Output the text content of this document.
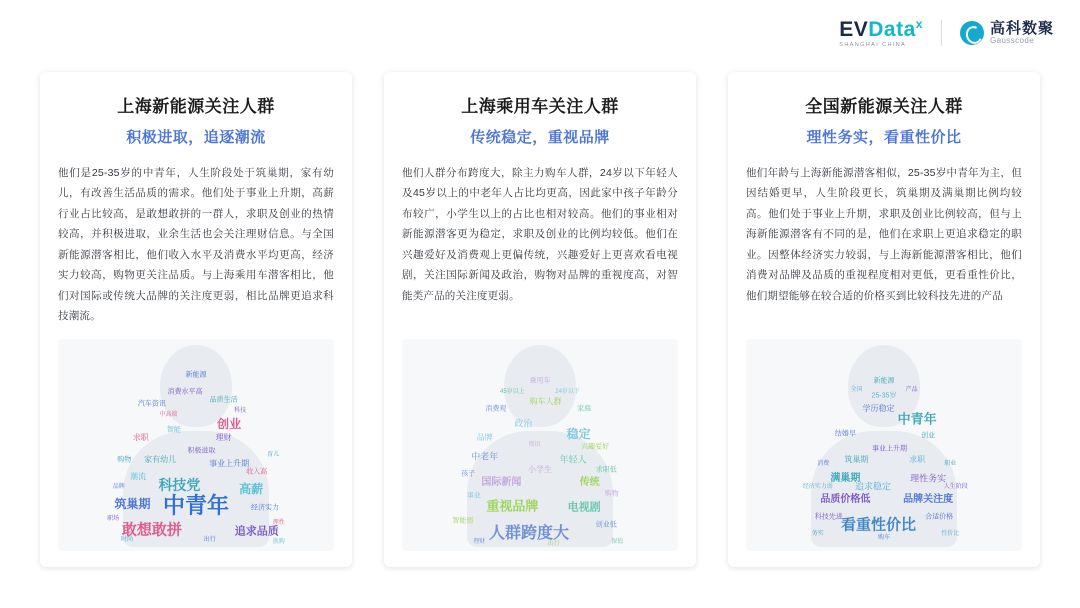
EVData$^x$
SHANGHAI CHINA
高科数聚
Gausscode
上海新能源关注人群
积极进取，追逐潮流
他们是25-35岁的中青年，人生阶段处于筑巢期，家有幼儿，有改善生活品质的需求。他们处于事业上升期，高薪行业占比较高，是敢想敢拼的一群人，求职及创业的热情较高，并积极进取，业余生活也会关注理财信息。与全国新能源潜客相比，他们收入水平及消费水平均更高，经济实力较高，购物更关注品质。与上海乘用车潜客相比，他们对国际或传统大品牌的关注度更弱，相比品牌更追求科技潮流。
中青年
敢想敢拼	追求品质
科技党
筑巢期
高薪
创业
理财
家有幼儿	事业上升期
求职
消费水平高
汽车资讯
品质生活
潮流	收入高
新能源
积极进取
购物
经济实力
智能
中高端
科技
品牌
育儿
职场
理性
出行
时尚	换购
上海乘用车关注人群
传统稳定，重视品牌
他们人群分布跨度大，除主力购车人群，24岁以下年轻人及45岁以上的中老年人占比均更高，因此家中孩子年龄分布较广，小学生以上的占比也相对较高。他们的事业相对新能源潜客更为稳定，求职及创业的比例均较低。他们在兴趣爱好及消费观上更偏传统，兴趣爱好上更喜欢看电视剧，关注国际新闻及政治，购物对品牌的重视度高，对智能类产品的关注度更弱。
人群跨度大
重视品牌	电视剧
稳定
国际新闻	传统
中老年	年轻人
政治
小学生
购车人群
消费观	家庭
品牌
乘用车
兴趣爱好
孩子
求职低
事业	购物
智能弱
创业低
45岁以上	24岁以下
资讯
出行
理财	保值
全国新能源关注人群
理性务实，看重性价比
他们年龄与上海新能源潜客相似，25-35岁中青年为主，但因结婚更早，人生阶段更长，筑巢期及满巢期比例均较高。他们处于事业上升期，求职及创业比例较高，但与上海新能源潜客有不同的是，他们在求职上更追求稳定的职业。因整体经济实力较弱，与上海新能源潜客相比，他们消费对品牌及品质的重视程度相对更低，更看重性价比，他们期望能够在较合适的价格买到比较科技先进的产品
看重性价比
中青年
品质价格低	品牌关注度
满巢期
追求稳定
理性务实
学历稳定
筑巢期	求职
事业上升期
结婚早	创业
25-35岁
科技先进	合适价格
新能源
经济实力弱	人生阶段
消费	职业
全国	产品
购车
务实	性价比
